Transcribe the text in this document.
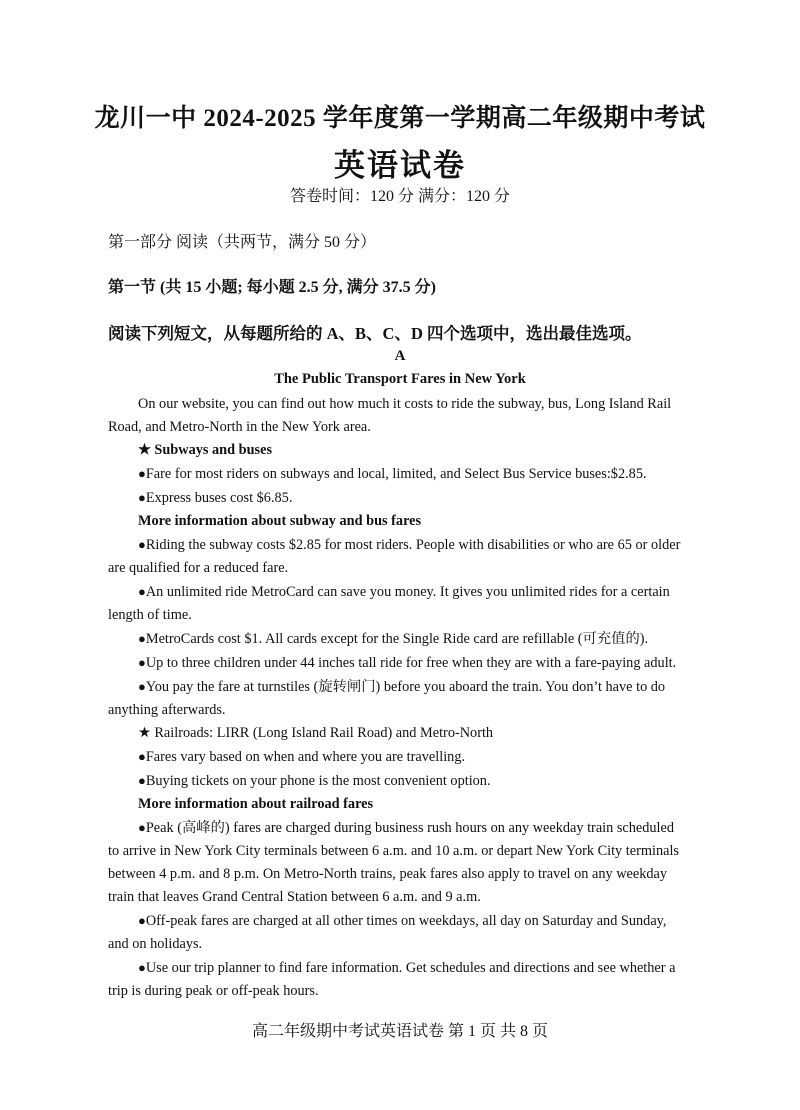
龙川一中 2024-2025 学年度第一学期高二年级期中考试
英语试卷
答卷时间：120 分 满分：120 分
第一部分 阅读（共两节，满分 50 分）
第一节 (共 15 小题; 每小题 2.5 分, 满分 37.5 分)
阅读下列短文，从每题所给的 A、B、C、D 四个选项中，选出最佳选项。
A
The Public Transport Fares in New York

On our website, you can find out how much it costs to ride the subway, bus, Long Island Rail Road, and Metro-North in the New York area.

★ Subways and buses

●Fare for most riders on subways and local, limited, and Select Bus Service buses:$2.85.

●Express buses cost $6.85.

More information about subway and bus fares

●Riding the subway costs $2.85 for most riders. People with disabilities or who are 65 or older are qualified for a reduced fare.

●An unlimited ride MetroCard can save you money. It gives you unlimited rides for a certain length of time.

●MetroCards cost $1. All cards except for the Single Ride card are refillable (可充值的).

●Up to three children under 44 inches tall ride for free when they are with a fare-paying adult.

●You pay the fare at turnstiles (旋转闸门) before you aboard the train. You don’t have to do anything afterwards.

★ Railroads: LIRR (Long Island Rail Road) and Metro-North

●Fares vary based on when and where you are travelling.

●Buying tickets on your phone is the most convenient option.

More information about railroad fares

●Peak (高峰的) fares are charged during business rush hours on any weekday train scheduled to arrive in New York City terminals between 6 a.m. and 10 a.m. or depart New York City terminals between 4 p.m. and 8 p.m. On Metro-North trains, peak fares also apply to travel on any weekday train that leaves Grand Central Station between 6 a.m. and 9 a.m.

●Off-peak fares are charged at all other times on weekdays, all day on Saturday and Sunday, and on holidays.

●Use our trip planner to find fare information. Get schedules and directions and see whether a trip is during peak or off-peak hours.

高二年级期中考试英语试卷 第 1 页 共 8 页
